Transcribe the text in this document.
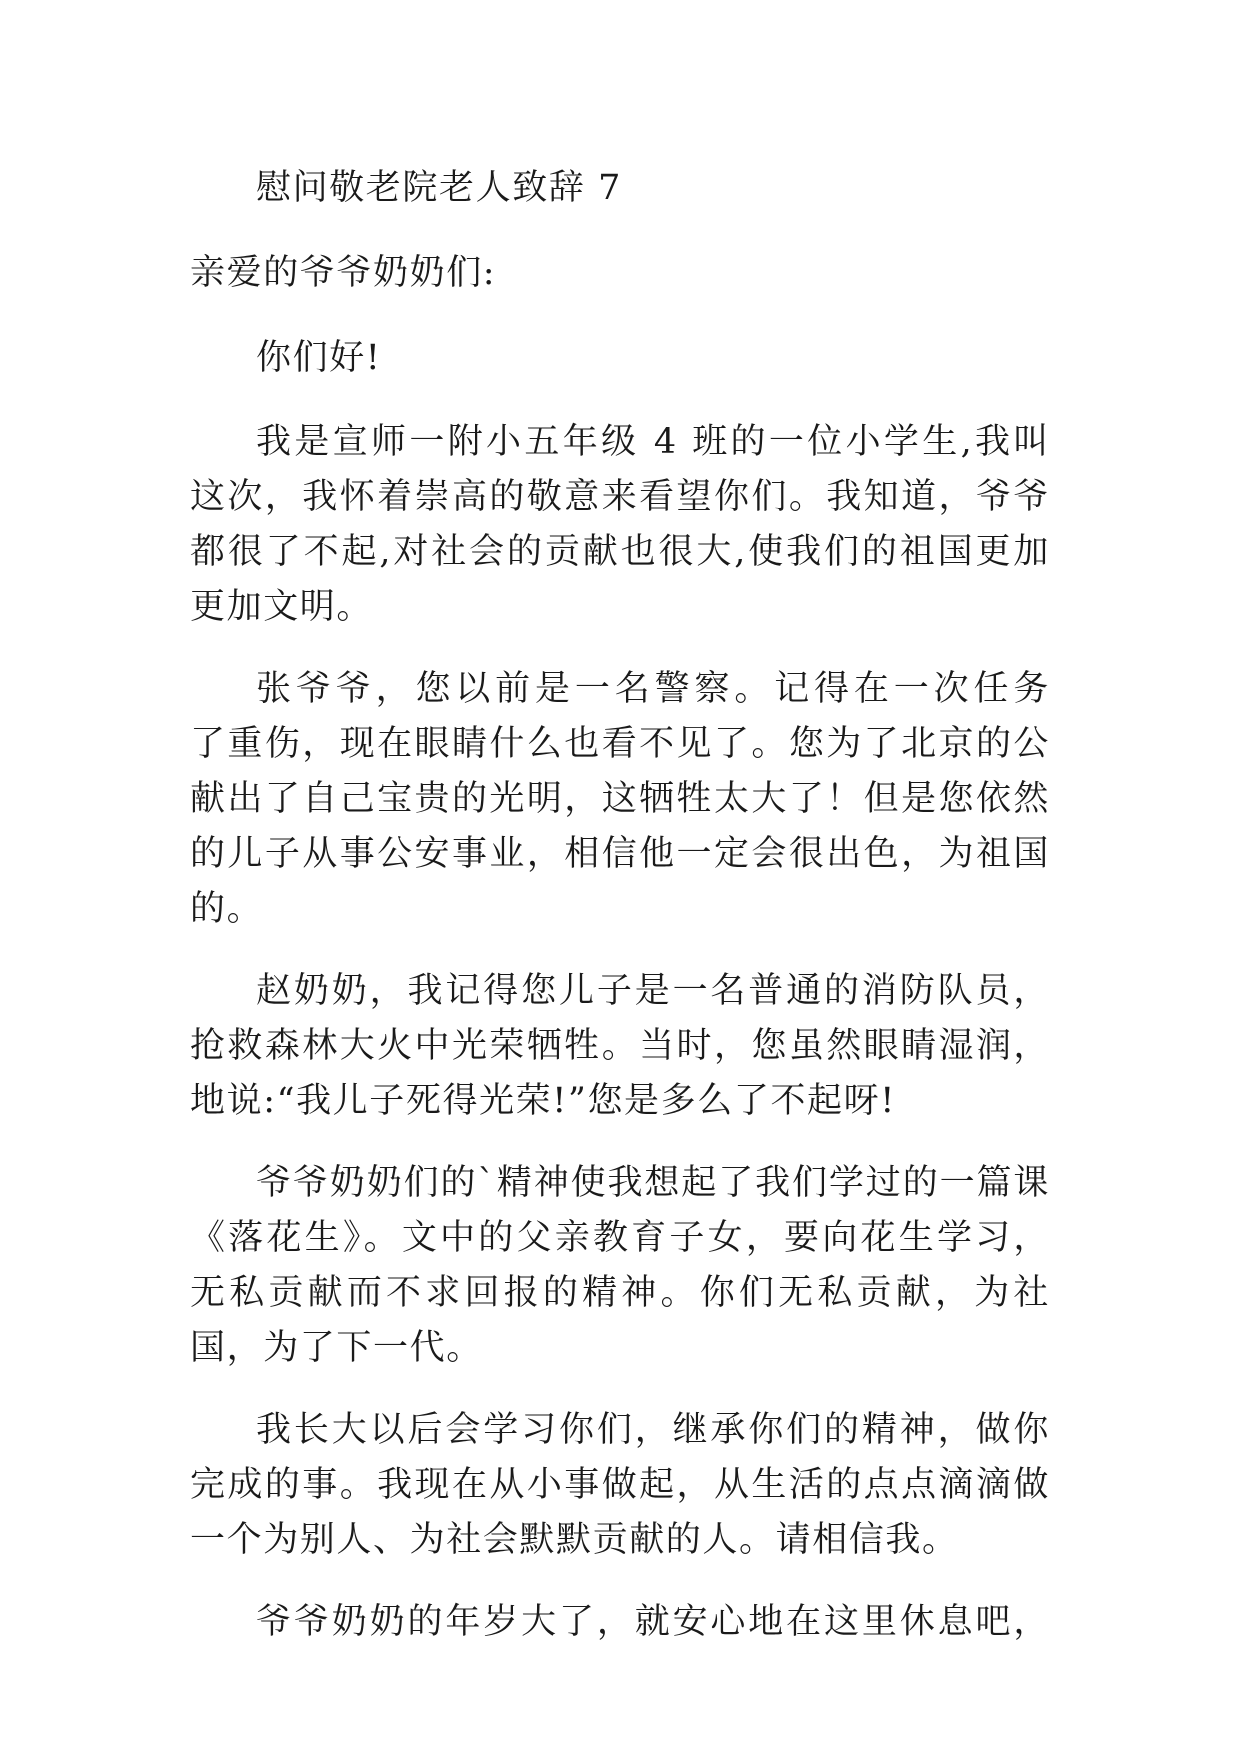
慰问敬老院老人致辞 7
亲爱的爷爷奶奶们:
你们好!
我是宣师一附小五年级 4 班的一位小学生,我叫
这次，我怀着崇高的敬意来看望你们。我知道，爷爷
都很了不起,对社会的贡献也很大,使我们的祖国更加
更加文明。
张爷爷，您以前是一名警察。记得在一次任务
了重伤，现在眼睛什么也看不见了。您为了北京的公
献出了自己宝贵的光明，这牺牲太大了！但是您依然
的儿子从事公安事业，相信他一定会很出色，为祖国
的。
赵奶奶，我记得您儿子是一名普通的消防队员，
抢救森林大火中光荣牺牲。当时，您虽然眼睛湿润，
地说:“我儿子死得光荣!”您是多么了不起呀!
爷爷奶奶们的`精神使我想起了我们学过的一篇课
《落花生》。文中的父亲教育子女，要向花生学习，
无私贡献而不求回报的精神。你们无私贡献，为社
国，为了下一代。
我长大以后会学习你们，继承你们的精神，做你
完成的事。我现在从小事做起，从生活的点点滴滴做
一个为别人、为社会默默贡献的人。请相信我。
爷爷奶奶的年岁大了，就安心地在这里休息吧，
